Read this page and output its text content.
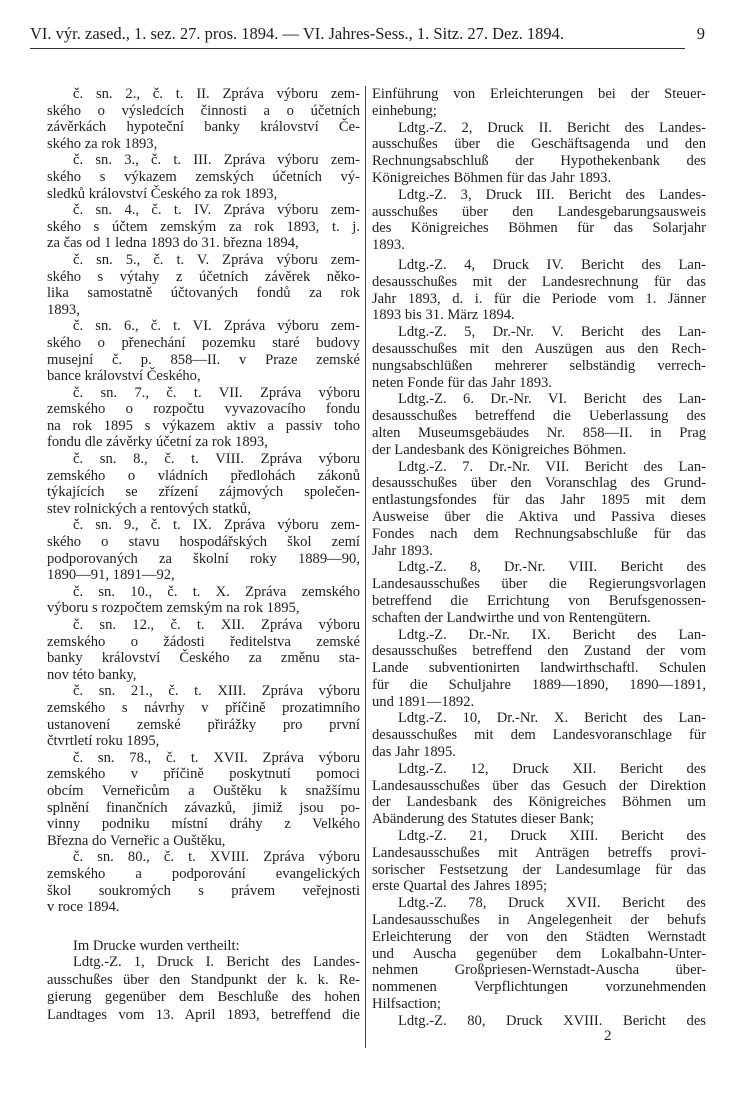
VI. výr. zased., 1. sez. 27. pros. 1894. — VI. Jahres-Sess., 1. Sitz. 27. Dez. 1894.	9
č. sn. 2., č. t. II. Zpráva výboru zem-
ského o výsledcích činnosti a o účetních
závěrkách hypoteční banky království Če-
ského za rok 1893,
č. sn. 3., č. t. III. Zpráva výboru zem-
ského s výkazem zemských účetních vý-
sledků království Českého za rok 1893,
č. sn. 4., č. t. IV. Zpráva výboru zem-
ského s účtem zemským za rok 1893, t. j.
za čas od 1 ledna 1893 do 31. března 1894,
č. sn. 5., č. t. V. Zpráva výboru zem-
ského s výtahy z účetních závěrek něko-
lika samostatně účtovaných fondů za rok
1893,
č. sn. 6., č. t. VI. Zpráva výboru zem-
ského o přenechání pozemku staré budovy
musejní č. p. 858—II. v Praze zemské
bance království Českého,
č. sn. 7., č. t. VII. Zpráva výboru
zemského o rozpočtu vyvazovacího fondu
na rok 1895 s výkazem aktiv a passiv toho
fondu dle závěrky účetní za rok 1893,
č. sn. 8., č. t. VIII. Zpráva výboru
zemského o vládních předlohách zákonů
týkajících se zřízení zájmových společen-
stev rolnických a rentových statků,
č. sn. 9., č. t. IX. Zpráva výboru zem-
ského o stavu hospodářských škol zemí
podporovaných za školní roky 1889—90,
1890—91, 1891—92,
č. sn. 10., č. t. X. Zpráva zemského
výboru s rozpočtem zemským na rok 1895,
č. sn. 12., č. t. XII. Zpráva výboru
zemského o žádosti ředitelstva zemské
banky království Českého za změnu sta-
nov této banky,
č. sn. 21., č. t. XIII. Zpráva výboru
zemského s návrhy v příčině prozatimního
ustanovení zemské přirážky pro první
čtvrtletí roku 1895,
č. sn. 78., č. t. XVII. Zpráva výboru
zemského v příčině poskytnutí pomoci
obcím Verneřicům a Ouštěku k snažšímu
splnění finančních závazků, jimiž jsou po-
vinny podniku místní dráhy z Velkého
Března do Verneřic a Ouštěku,
č. sn. 80., č. t. XVIII. Zpráva výboru
zemského a podporování evangelických
škol soukromých s právem veřejnosti
v roce 1894.
Im Drucke wurden vertheilt:
Ldtg.-Z. 1, Druck I. Bericht des Landes-
ausschußes über den Standpunkt der k. k. Re-
gierung gegenüber dem Beschluße des hohen
Landtages vom 13. April 1893, betreffend die
Einführung von Erleichterungen bei der Steuer-
einhebung;
Ldtg.-Z. 2, Druck II. Bericht des Landes-
ausschußes über die Geschäftsagenda und den
Rechnungsabschluß der Hypothekenbank des
Königreiches Böhmen für das Jahr 1893.
Ldtg.-Z. 3, Druck III. Bericht des Landes-
ausschußes über den Landesgebarungsausweis
des Königreiches Böhmen für das Solarjahr
1893.
Ldtg.-Z. 4, Druck IV. Bericht des Lan-
desausschußes mit der Landesrechnung für das
Jahr 1893, d. i. für die Periode vom 1. Jänner
1893 bis 31. März 1894.
Ldtg.-Z. 5, Dr.-Nr. V. Bericht des Lan-
desausschußes mit den Auszügen aus den Rech-
nungsabschlüßen mehrerer selbständig verrech-
neten Fonde für das Jahr 1893.
Ldtg.-Z. 6. Dr.-Nr. VI. Bericht des Lan-
desausschußes betreffend die Ueberlassung des
alten Museumsgebäudes Nr. 858—II. in Prag
der Landesbank des Königreiches Böhmen.
Ldtg.-Z. 7. Dr.-Nr. VII. Bericht des Lan-
desausschußes über den Voranschlag des Grund-
entlastungsfondes für das Jahr 1895 mit dem
Ausweise über die Aktiva und Passiva dieses
Fondes nach dem Rechnungsabschluße für das
Jahr 1893.
Ldtg.-Z. 8, Dr.-Nr. VIII. Bericht des
Landesausschußes über die Regierungsvorlagen
betreffend die Errichtung von Berufsgenossen-
schaften der Landwirthe und von Rentengütern.
Ldtg.-Z. Dr.-Nr. IX. Bericht des Lan-
desausschußes betreffend den Zustand der vom
Lande subventionirten landwirthschaftl. Schulen
für die Schuljahre 1889—1890, 1890—1891,
und 1891—1892.
Ldtg.-Z. 10, Dr.-Nr. X. Bericht des Lan-
desausschußes mit dem Landesvoranschlage für
das Jahr 1895.
Ldtg.-Z. 12, Druck XII. Bericht des
Landesausschußes über das Gesuch der Direktion
der Landesbank des Königreiches Böhmen um
Abänderung des Statutes dieser Bank;
Ldtg.-Z. 21, Druck XIII. Bericht des
Landesausschußes mit Anträgen betreffs provi-
sorischer Festsetzung der Landesumlage für das
erste Quartal des Jahres 1895;
Ldtg.-Z. 78, Druck XVII. Bericht des
Landesausschußes in Angelegenheit der behufs
Erleichterung der von den Städten Wernstadt
und Auscha gegenüber dem Lokalbahn-Unter-
nehmen Großpriesen-Wernstadt-Auscha über-
nommenen Verpflichtungen vorzunehmenden
Hilfsaction;
Ldtg.-Z. 80, Druck XVIII. Bericht des
2
